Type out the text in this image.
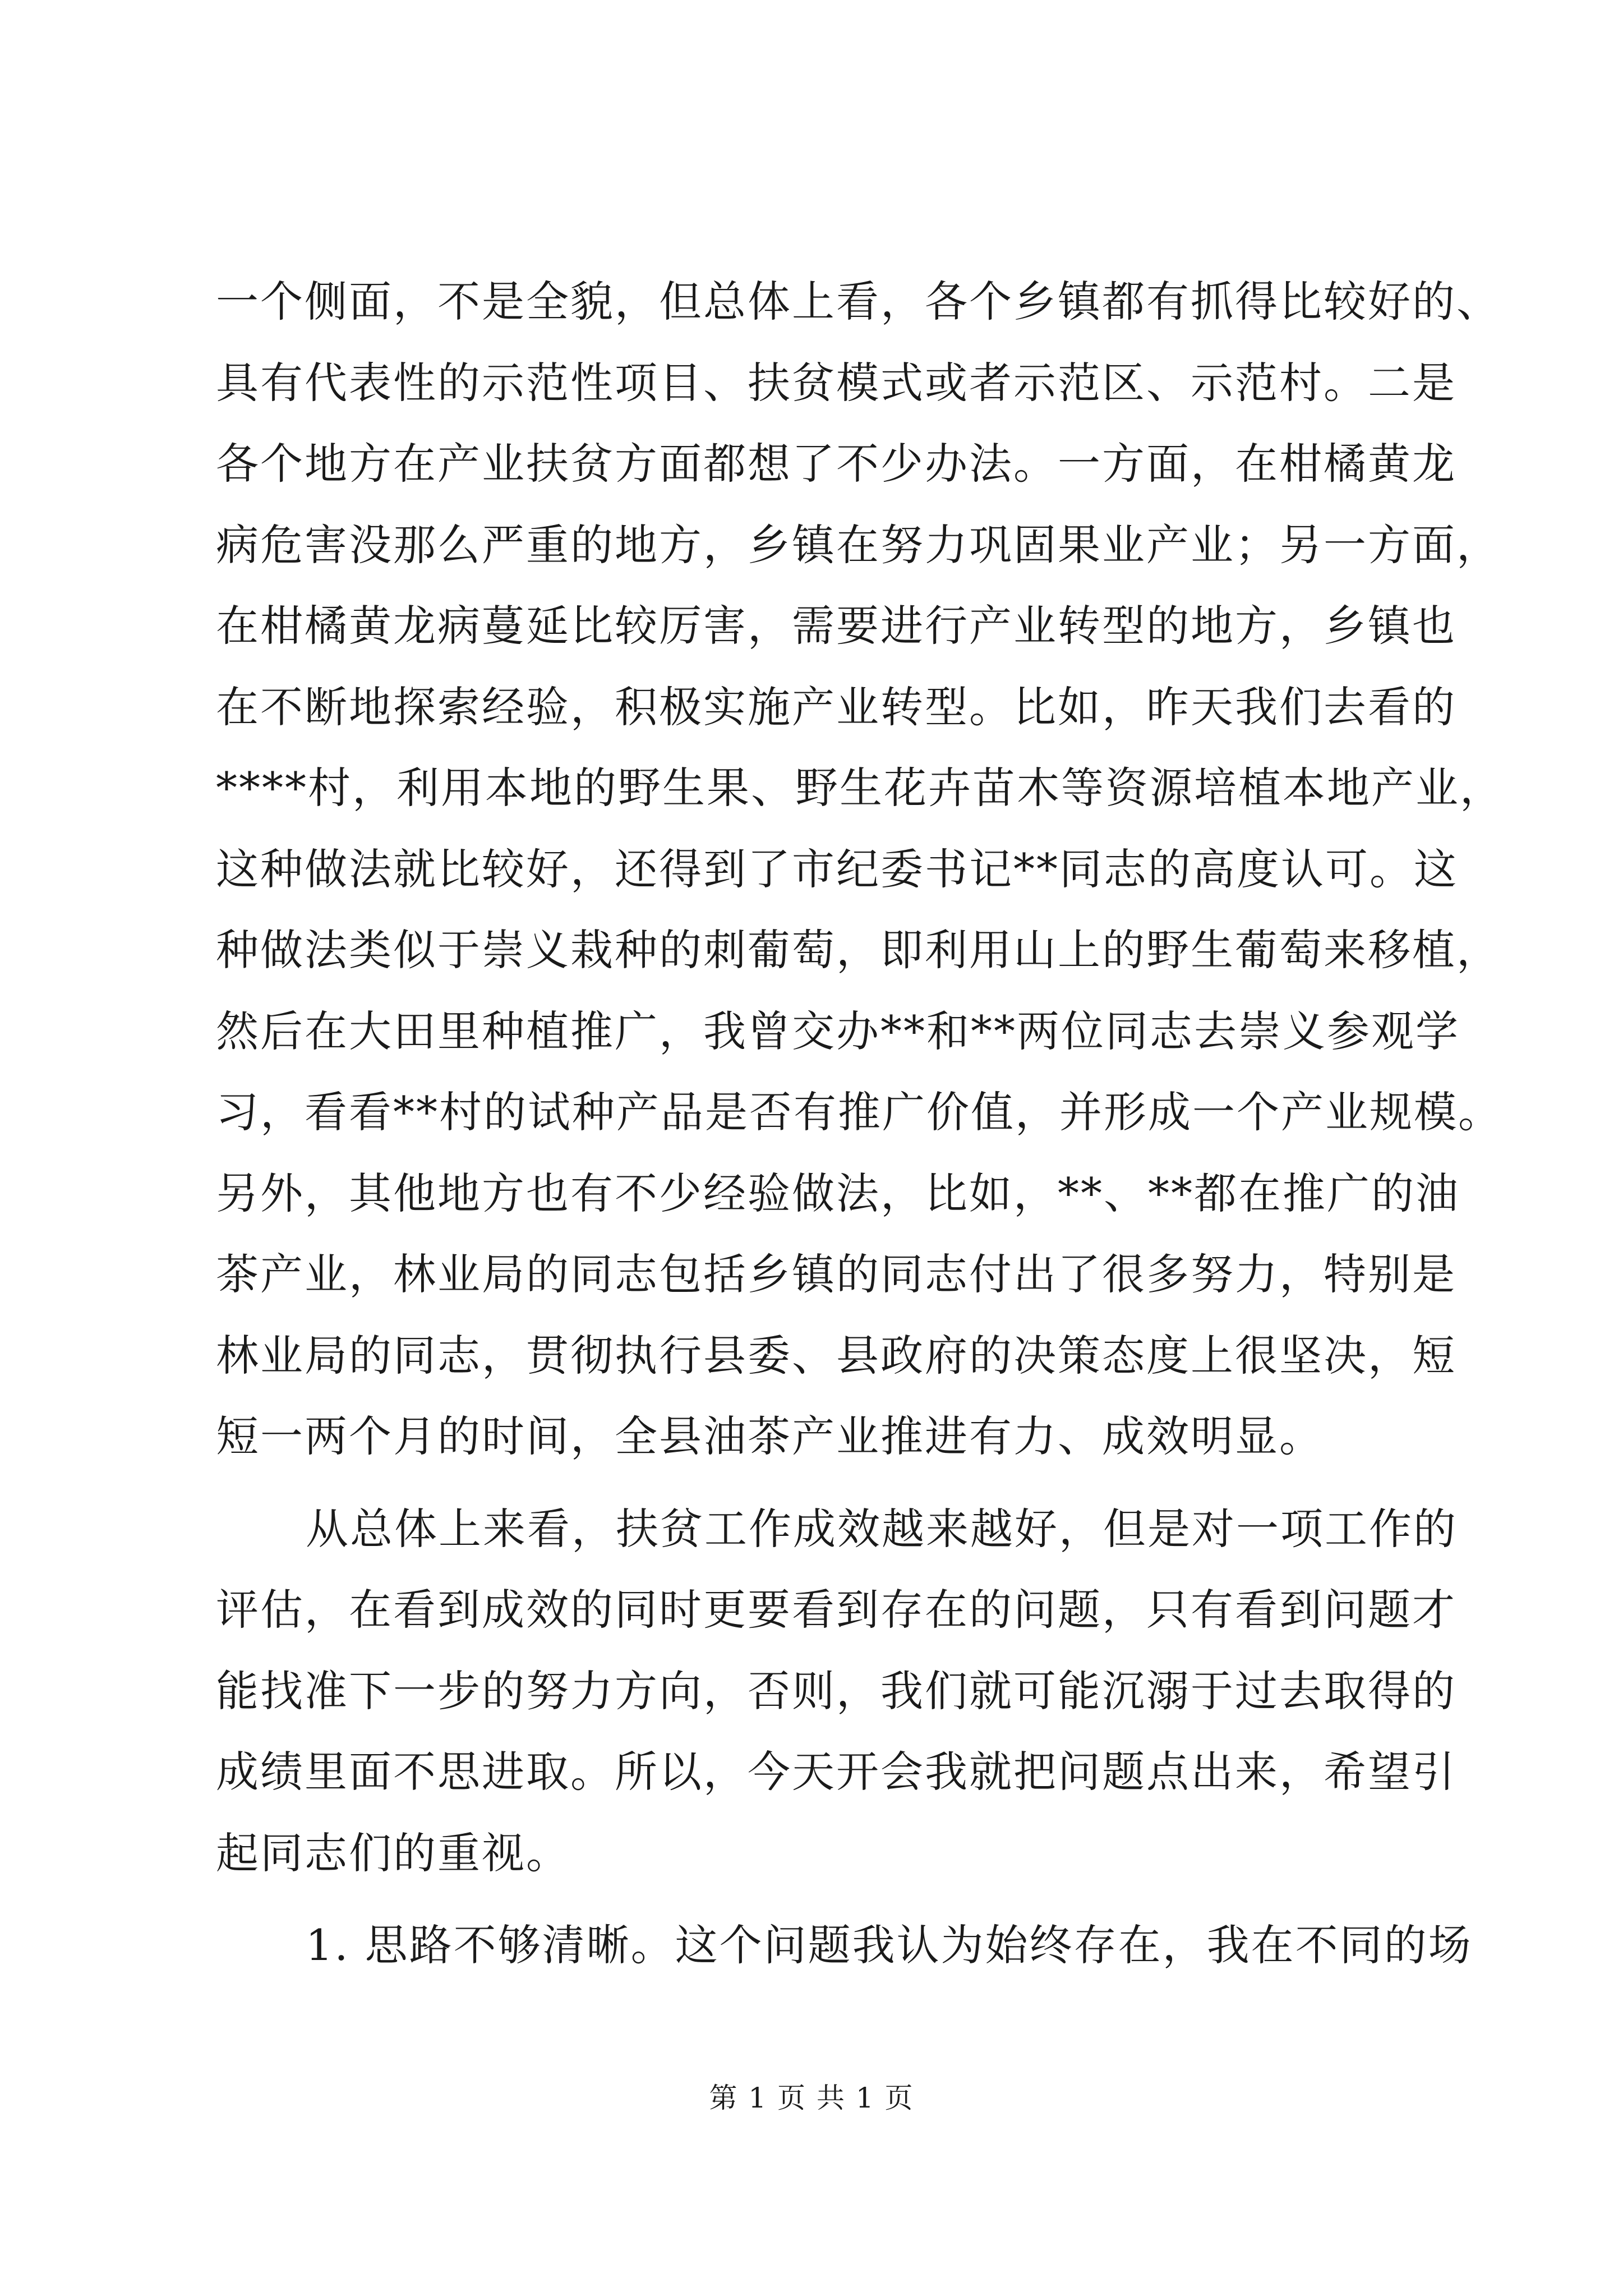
一个侧面，不是全貌，但总体上看，各个乡镇都有抓得比较好的、
具有代表性的示范性项目、扶贫模式或者示范区、示范村。二是
各个地方在产业扶贫方面都想了不少办法。一方面，在柑橘黄龙
病危害没那么严重的地方，乡镇在努力巩固果业产业；另一方面，
在柑橘黄龙病蔓延比较厉害，需要进行产业转型的地方，乡镇也
在不断地探索经验，积极实施产业转型。比如，昨天我们去看的
****村，利用本地的野生果、野生花卉苗木等资源培植本地产业，
这种做法就比较好，还得到了市纪委书记**同志的高度认可。这
种做法类似于崇义栽种的刺葡萄，即利用山上的野生葡萄来移植，
然后在大田里种植推广，我曾交办**和**两位同志去崇义参观学
习，看看**村的试种产品是否有推广价值，并形成一个产业规模。
另外，其他地方也有不少经验做法，比如，**、**都在推广的油
茶产业，林业局的同志包括乡镇的同志付出了很多努力，特别是
林业局的同志，贯彻执行县委、县政府的决策态度上很坚决，短
短一两个月的时间，全县油茶产业推进有力、成效明显。
从总体上来看，扶贫工作成效越来越好，但是对一项工作的
评估，在看到成效的同时更要看到存在的问题，只有看到问题才
能找准下一步的努力方向，否则，我们就可能沉溺于过去取得的
成绩里面不思进取。所以，今天开会我就把问题点出来，希望引
起同志们的重视。
1. 思路不够清晰。这个问题我认为始终存在，我在不同的场
第 1 页 共 1 页
